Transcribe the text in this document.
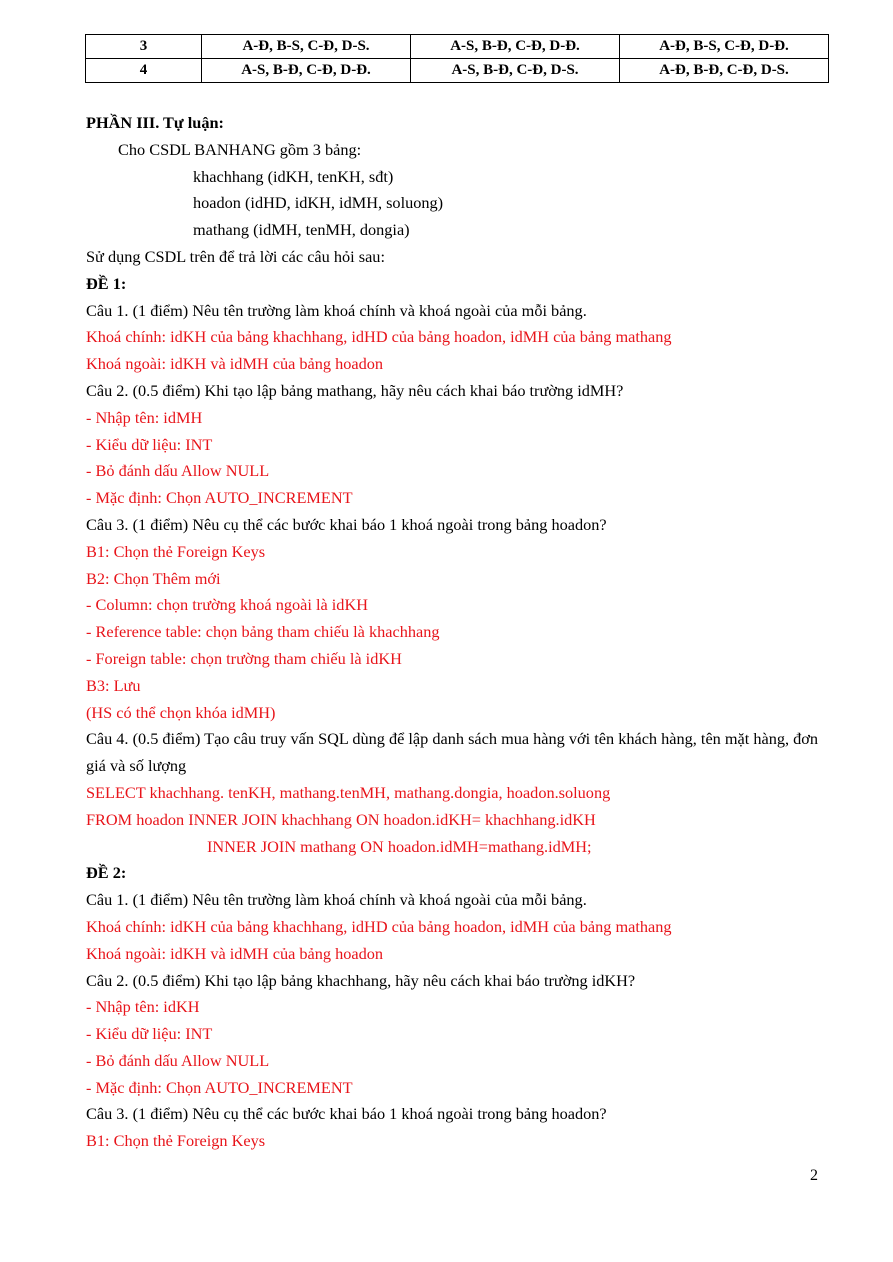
3	A-Đ, B-S, C-Đ, D-S.	A-S, B-Đ, C-Đ, D-Đ.	A-Đ, B-S, C-Đ, D-Đ.
4	A-S, B-Đ, C-Đ, D-Đ.	A-S, B-Đ, C-Đ, D-S.	A-Đ, B-Đ, C-Đ, D-S.
PHẦN III. Tự luận:
Cho CSDL BANHANG gồm 3 bảng:
khachhang (idKH, tenKH, sđt)
hoadon (idHD, idKH, idMH, soluong)
mathang (idMH, tenMH, dongia)
Sử dụng CSDL trên để trả lời các câu hỏi sau:
ĐỀ 1:
Câu 1. (1 điểm) Nêu tên trường làm khoá chính và khoá ngoài của mỗi bảng.
Khoá chính: idKH của bảng khachhang, idHD của bảng hoadon, idMH của bảng mathang
Khoá ngoài: idKH và idMH của bảng hoadon
Câu 2. (0.5 điểm) Khi tạo lập bảng mathang, hãy nêu cách khai báo trường idMH?
- Nhập tên: idMH
- Kiểu dữ liệu: INT
- Bỏ đánh dấu Allow NULL
- Mặc định: Chọn AUTO_INCREMENT
Câu 3. (1 điểm) Nêu cụ thể các bước khai báo 1 khoá ngoài trong bảng hoadon?
B1: Chọn thẻ Foreign Keys
B2: Chọn Thêm mới
- Column: chọn trường khoá ngoài là idKH
- Reference table: chọn bảng tham chiếu là khachhang
- Foreign table: chọn trường tham chiếu là idKH
B3: Lưu
(HS có thể chọn khóa idMH)
Câu 4. (0.5 điểm) Tạo câu truy vấn SQL dùng để lập danh sách mua hàng với tên khách hàng, tên mặt hàng, đơn giá và số lượng
SELECT khachhang. tenKH, mathang.tenMH, mathang.dongia, hoadon.soluong
FROM hoadon INNER JOIN khachhang ON hoadon.idKH= khachhang.idKH
INNER JOIN mathang ON hoadon.idMH=mathang.idMH;
ĐỀ 2:
Câu 1. (1 điểm) Nêu tên trường làm khoá chính và khoá ngoài của mỗi bảng.
Khoá chính: idKH của bảng khachhang, idHD của bảng hoadon, idMH của bảng mathang
Khoá ngoài: idKH và idMH của bảng hoadon
Câu 2. (0.5 điểm) Khi tạo lập bảng khachhang, hãy nêu cách khai báo trường idKH?
- Nhập tên: idKH
- Kiểu dữ liệu: INT
- Bỏ đánh dấu Allow NULL
- Mặc định: Chọn AUTO_INCREMENT
Câu 3. (1 điểm) Nêu cụ thể các bước khai báo 1 khoá ngoài trong bảng hoadon?
B1: Chọn thẻ Foreign Keys
2
